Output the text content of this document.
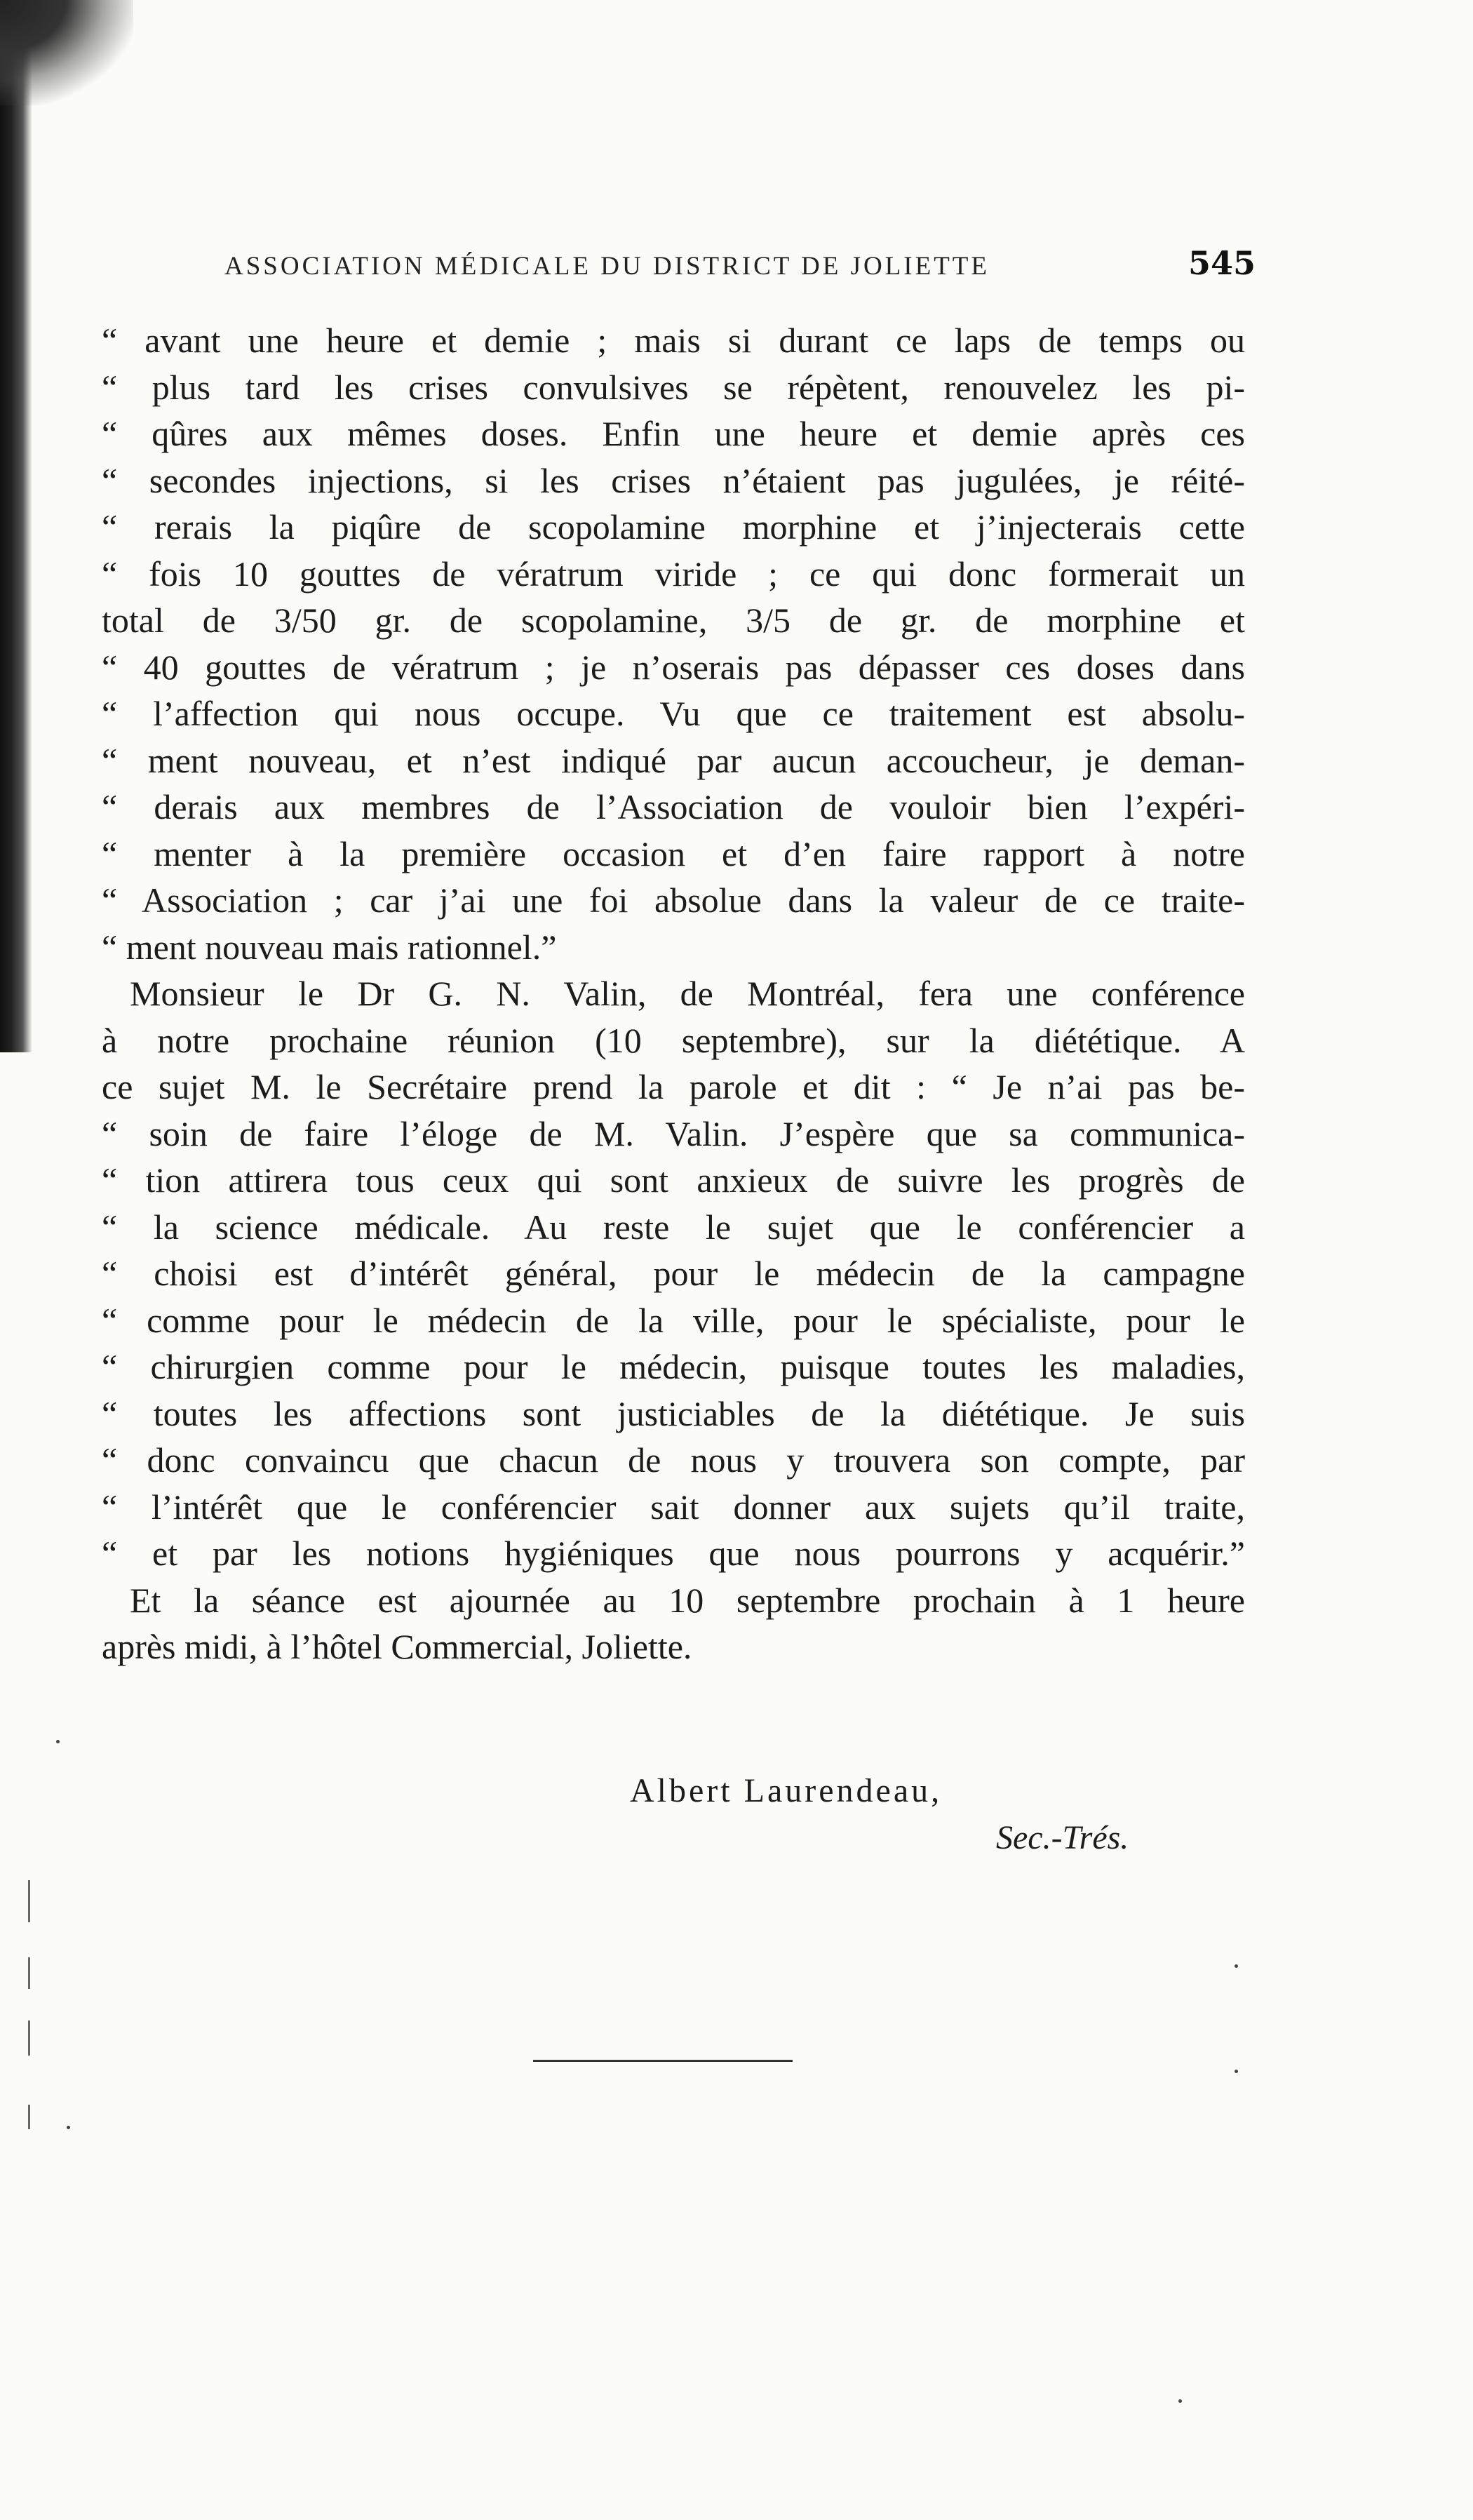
ASSOCIATION MÉDICALE DU DISTRICT DE JOLIETTE	545
“ avant une heure et demie ; mais si durant ce laps de temps ou
“ plus tard les crises convulsives se répètent, renouvelez les pi-
“ qûres aux mêmes doses. Enfin une heure et demie après ces
“ secondes injections, si les crises n’étaient pas jugulées, je réité-
“ rerais la piqûre de scopolamine morphine et j’injecterais cette
“ fois 10 gouttes de vératrum viride ; ce qui donc formerait un
total de 3/50 gr. de scopolamine, 3/5 de gr. de morphine et
“ 40 gouttes de vératrum ; je n’oserais pas dépasser ces doses dans
“ l’affection qui nous occupe. Vu que ce traitement est absolu-
“ ment nouveau, et n’est indiqué par aucun accoucheur, je deman-
“ derais aux membres de l’Association de vouloir bien l’expéri-
“ menter à la première occasion et d’en faire rapport à notre
“ Association ; car j’ai une foi absolue dans la valeur de ce traite-
“ ment nouveau mais rationnel.”
Monsieur le Dr G. N. Valin, de Montréal, fera une conférence
à notre prochaine réunion (10 septembre), sur la diététique. A
ce sujet M. le Secrétaire prend la parole et dit : “ Je n’ai pas be-
“ soin de faire l’éloge de M. Valin. J’espère que sa communica-
“ tion attirera tous ceux qui sont anxieux de suivre les progrès de
“ la science médicale. Au reste le sujet que le conférencier a
“ choisi est d’intérêt général, pour le médecin de la campagne
“ comme pour le médecin de la ville, pour le spécialiste, pour le
“ chirurgien comme pour le médecin, puisque toutes les maladies,
“ toutes les affections sont justiciables de la diététique. Je suis
“ donc convaincu que chacun de nous y trouvera son compte, par
“ l’intérêt que le conférencier sait donner aux sujets qu’il traite,
“ et par les notions hygiéniques que nous pourrons y acquérir.”
Et la séance est ajournée au 10 septembre prochain à 1 heure
après midi, à l’hôtel Commercial, Joliette.
Albert Laurendeau,
Sec.-Trés.
